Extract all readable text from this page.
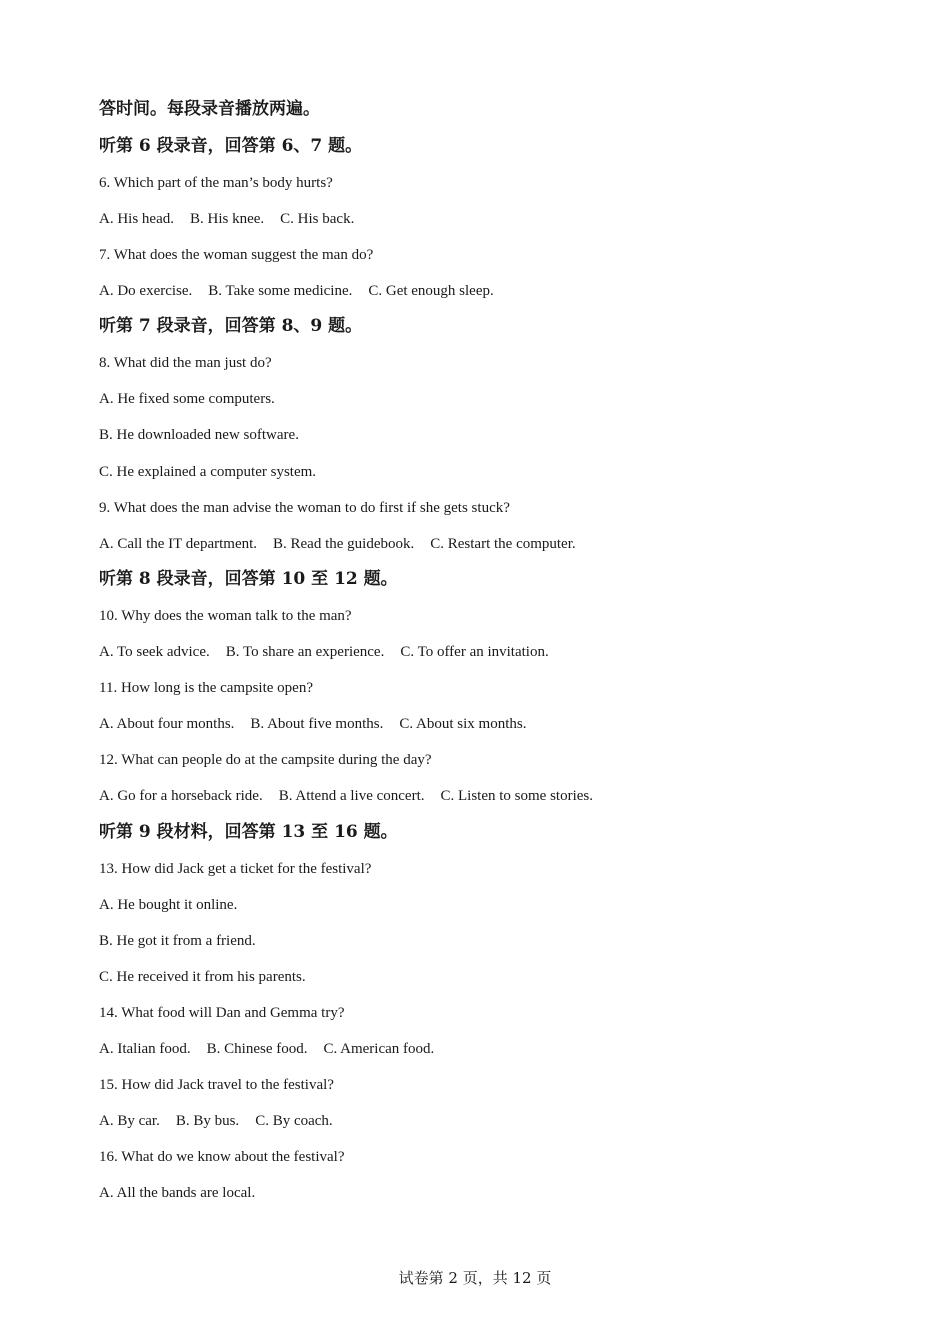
答时间。每段录音播放两遍。
听第 6 段录音，回答第 6、7 题。
6. Which part of the man’s body hurts?
A. His head. B. His knee. C. His back.
7. What does the woman suggest the man do?
A. Do exercise. B. Take some medicine. C. Get enough sleep.
听第 7 段录音，回答第 8、9 题。
8. What did the man just do?
A. He fixed some computers.
B. He downloaded new software.
C. He explained a computer system.
9. What does the man advise the woman to do first if she gets stuck?
A. Call the IT department. B. Read the guidebook. C. Restart the computer.
听第 8 段录音，回答第 10 至 12 题。
10. Why does the woman talk to the man?
A. To seek advice. B. To share an experience. C. To offer an invitation.
11. How long is the campsite open?
A. About four months. B. About five months. C. About six months.
12. What can people do at the campsite during the day?
A. Go for a horseback ride. B. Attend a live concert. C. Listen to some stories.
听第 9 段材料，回答第 13 至 16 题。
13. How did Jack get a ticket for the festival?
A. He bought it online.
B. He got it from a friend.
C. He received it from his parents.
14. What food will Dan and Gemma try?
A. Italian food. B. Chinese food. C. American food.
15. How did Jack travel to the festival?
A. By car. B. By bus. C. By coach.
16. What do we know about the festival?
A. All the bands are local.
试卷第 2 页，共 12 页
